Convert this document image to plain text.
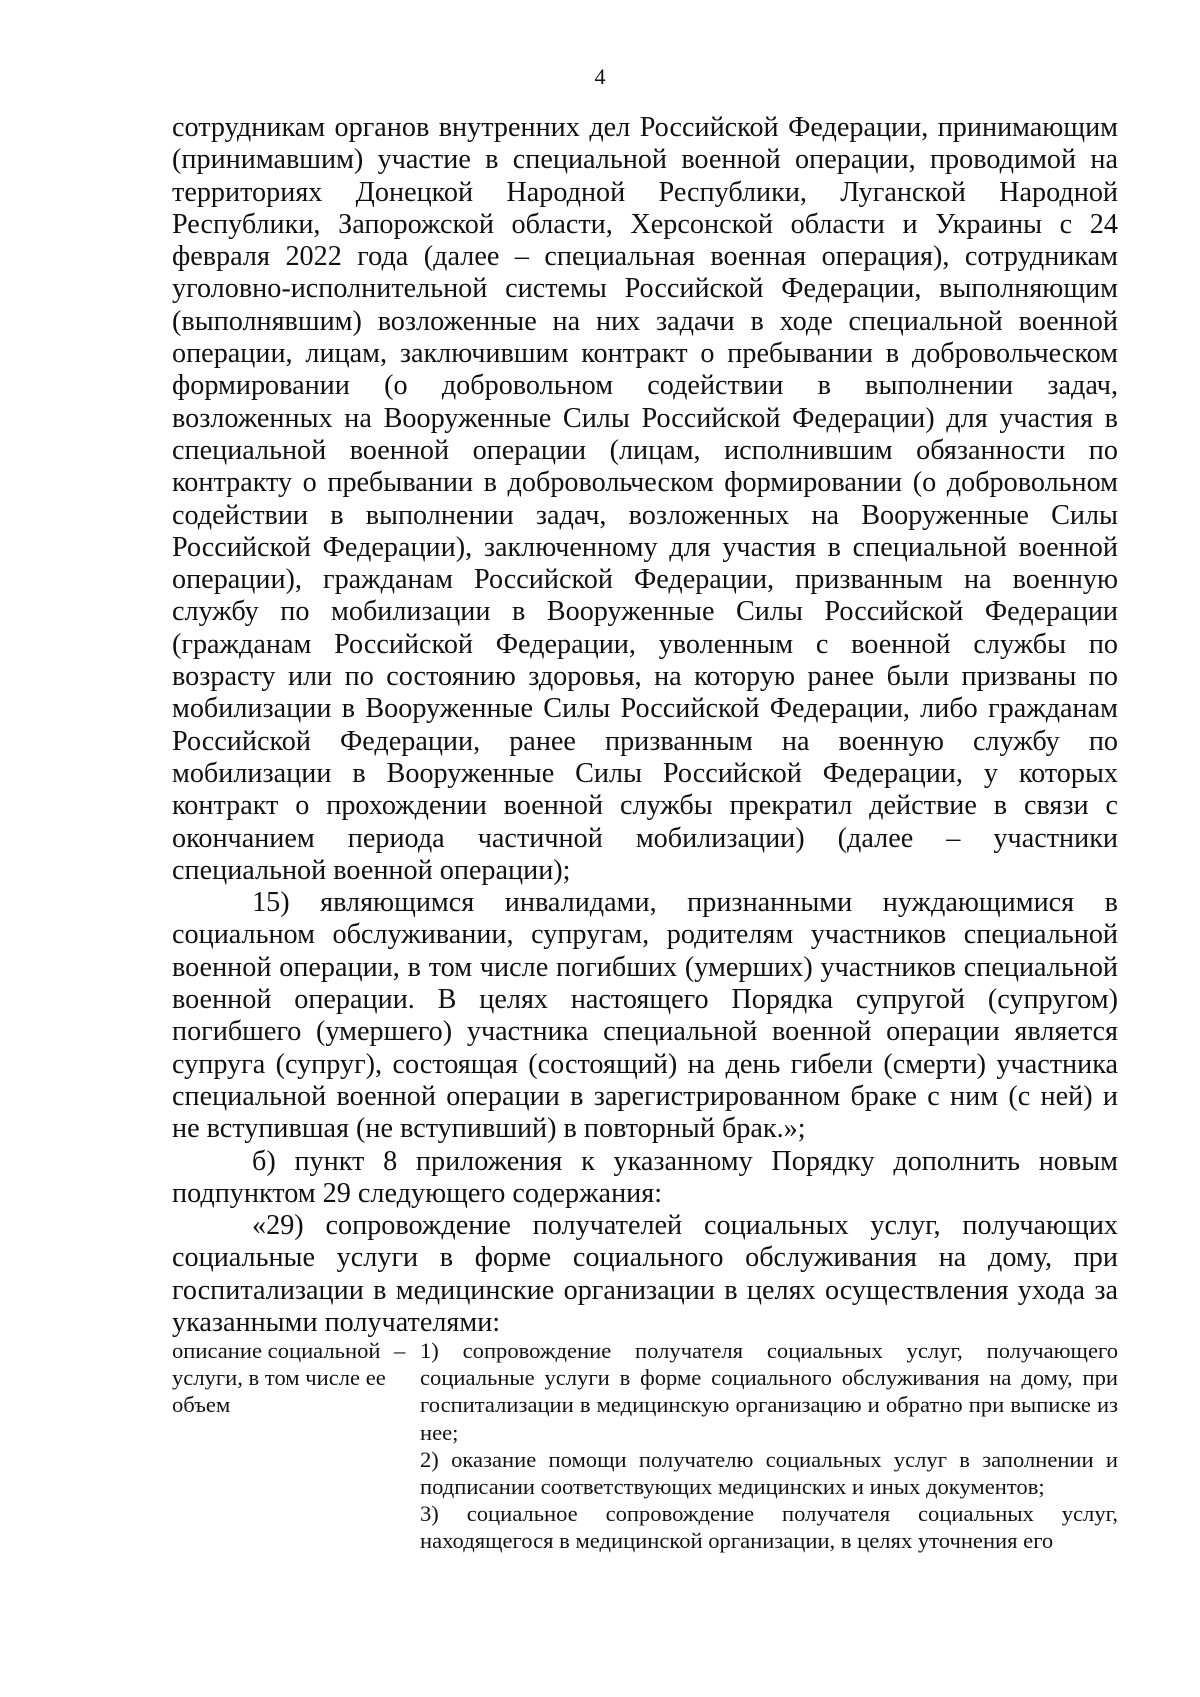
4

сотрудникам органов внутренних дел Российской Федерации, принимающим (принимавшим) участие в специальной военной операции, проводимой на территориях Донецкой Народной Республики, Луганской Народной Республики, Запорожской области, Херсонской области и Украины с 24 февраля 2022 года (далее – специальная военная операция), сотрудникам уголовно-исполнительной системы Российской Федерации, выполняющим (выполнявшим) возложенные на них задачи в ходе специальной военной операции, лицам, заключившим контракт о пребывании в добровольческом формировании (о добровольном содействии в выполнении задач, возложенных на Вооруженные Силы Российской Федерации) для участия в специальной военной операции (лицам, исполнившим обязанности по контракту о пребывании в добровольческом формировании (о добровольном содействии в выполнении задач, возложенных на Вооруженные Силы Российской Федерации), заключенному для участия в специальной военной операции), гражданам Российской Федерации, призванным на военную службу по мобилизации в Вооруженные Силы Российской Федерации (гражданам Российской Федерации, уволенным с военной службы по возрасту или по состоянию здоровья, на которую ранее были призваны по мобилизации в Вооруженные Силы Российской Федерации, либо гражданам Российской Федерации, ранее призванным на военную службу по мобилизации в Вооруженные Силы Российской Федерации, у которых контракт о прохождении военной службы прекратил действие в связи с окончанием периода частичной мобилизации) (далее – участники специальной военной операции);

15) являющимся инвалидами, признанными нуждающимися в социальном обслуживании, супругам, родителям участников специальной военной операции, в том числе погибших (умерших) участников специальной военной операции. В целях настоящего Порядка супругой (супругом) погибшего (умершего) участника специальной военной операции является супруга (супруг), состоящая (состоящий) на день гибели (смерти) участника специальной военной операции в зарегистрированном браке с ним (с ней) и не вступившая (не вступивший) в повторный брак.»;

б) пункт 8 приложения к указанному Порядку дополнить новым подпунктом 29 следующего содержания:

«29) сопровождение получателей социальных услуг, получающих социальные услуги в форме социального обслуживания на дому, при госпитализации в медицинские организации в целях осуществления ухода за указанными получателями:

описание социальной услуги, в том числе ее объем
– 1) сопровождение получателя социальных услуг, получающего социальные услуги в форме социального обслуживания на дому, при госпитализации в медицинскую организацию и обратно при выписке из нее;

2) оказание помощи получателю социальных услуг в заполнении и подписании соответствующих медицинских и иных документов;

3) социальное сопровождение получателя социальных услуг, находящегося в медицинской организации, в целях уточнения его
